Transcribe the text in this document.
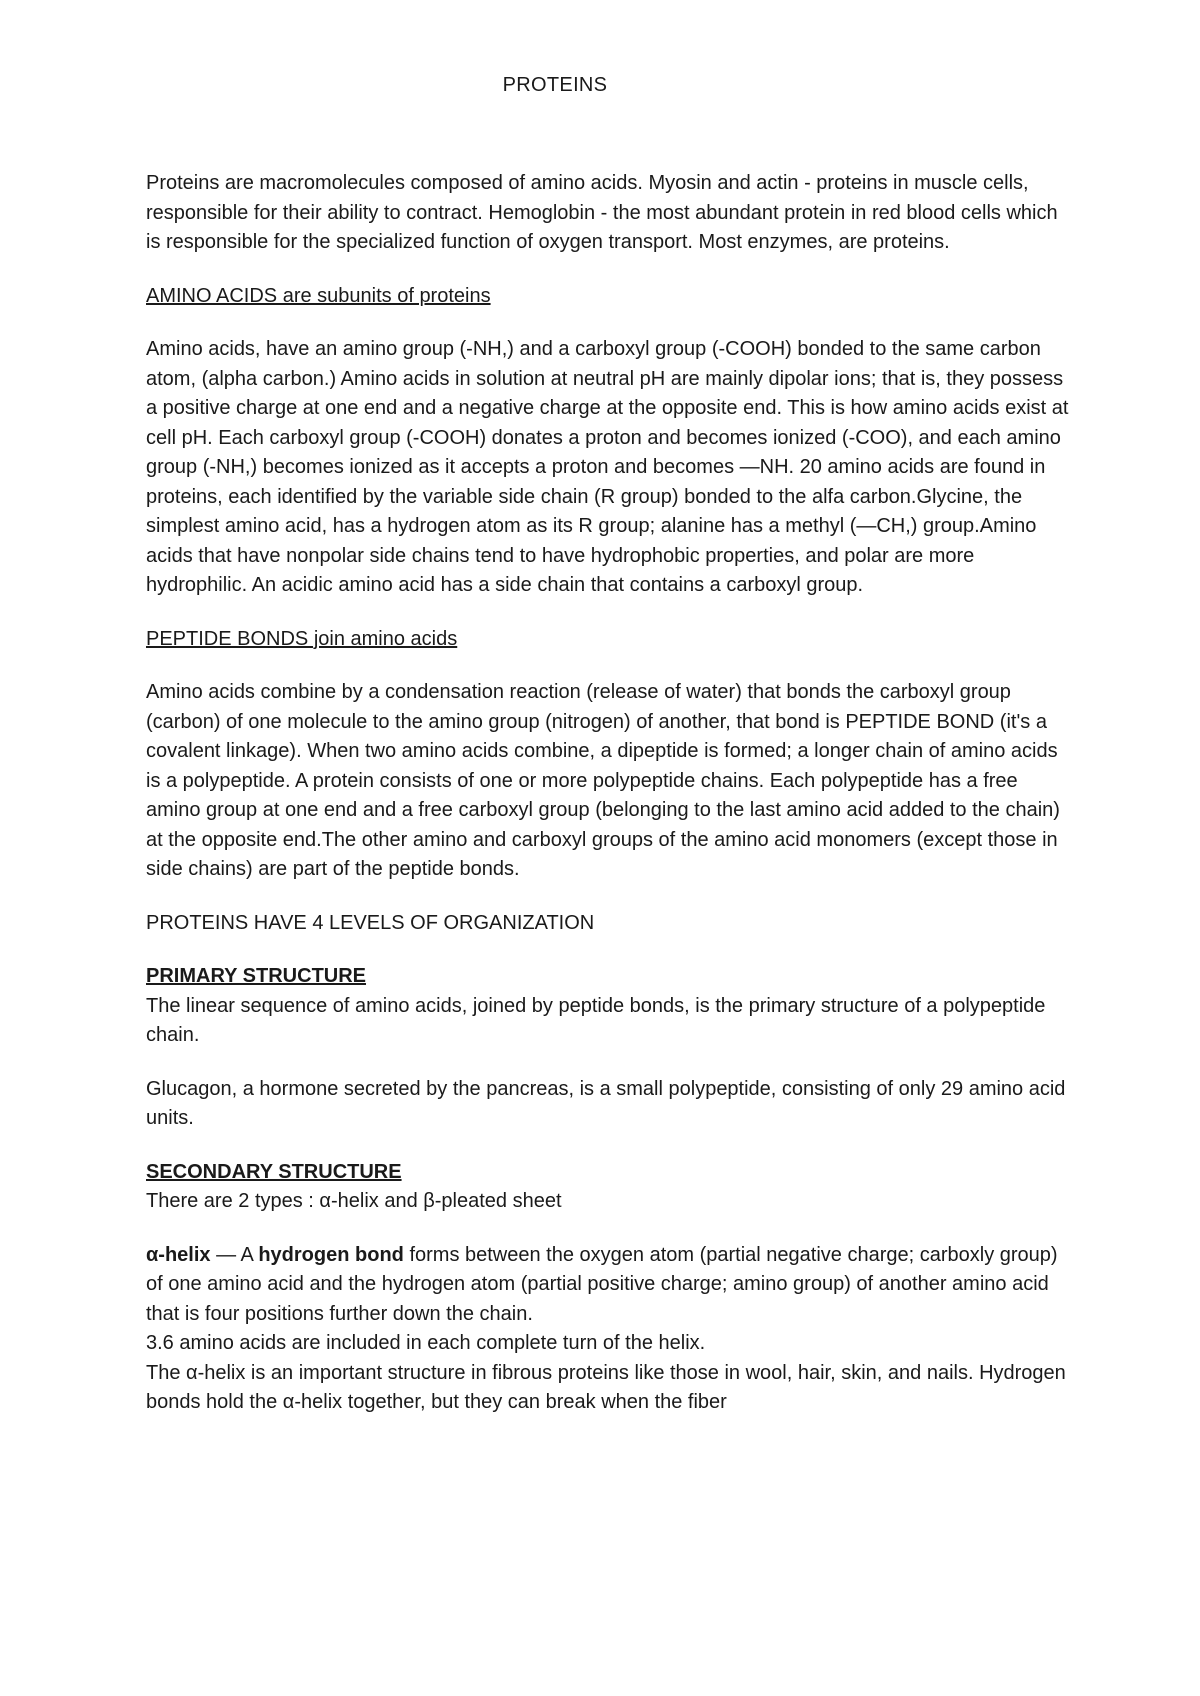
PROTEINS

Proteins are macromolecules composed of amino acids. Myosin and actin - proteins in muscle cells, responsible for their ability to contract. Hemoglobin - the most abundant protein in red blood cells which is responsible for the specialized function of oxygen transport. Most enzymes, are proteins.

AMINO ACIDS are subunits of proteins

Amino acids, have an amino group (-NH,) and a carboxyl group (-COOH) bonded to the same carbon atom, (alpha carbon.) Amino acids in solution at neutral pH are mainly dipolar ions; that is, they possess a positive charge at one end and a negative charge at the opposite end. This is how amino acids exist at cell pH. Each carboxyl group (-COOH) donates a proton and becomes ionized (-COO), and each amino group (-NH,) becomes ionized as it accepts a proton and becomes —NH. 20 amino acids are found in proteins, each identified by the variable side chain (R group) bonded to the alfa carbon.Glycine, the simplest amino acid, has a hydrogen atom as its R group; alanine has a methyl (—CH,) group.Amino acids that have nonpolar side chains tend to have hydrophobic properties, and polar are more hydrophilic. An acidic amino acid has a side chain that contains a carboxyl group.

PEPTIDE BONDS join amino acids

Amino acids combine by a condensation reaction (release of water) that bonds the carboxyl group (carbon) of one molecule to the amino group (nitrogen) of another, that bond is PEPTIDE BOND (it's a covalent linkage). When two amino acids combine, a dipeptide is formed; a longer chain of amino acids is a polypeptide. A protein consists of one or more polypeptide chains. Each polypeptide has a free amino group at one end and a free carboxyl group (belonging to the last amino acid added to the chain) at the opposite end.The other amino and carboxyl groups of the amino acid monomers (except those in side chains) are part of the peptide bonds.

PROTEINS HAVE 4 LEVELS OF ORGANIZATION

PRIMARY STRUCTURE

The linear sequence of amino acids, joined by peptide bonds, is the primary structure of a polypeptide chain.

Glucagon, a hormone secreted by the pancreas, is a small polypeptide, consisting of only 29 amino acid units.

SECONDARY STRUCTURE

There are 2 types : α-helix and β-pleated sheet

α-helix — A hydrogen bond forms between the oxygen atom (partial negative charge; carboxly group) of one amino acid and the hydrogen atom (partial positive charge; amino group) of another amino acid that is four positions further down the chain.

3.6 amino acids are included in each complete turn of the helix.

The α-helix is an important structure in fibrous proteins like those in wool, hair, skin, and nails. Hydrogen bonds hold the α-helix together, but they can break when the fiber
